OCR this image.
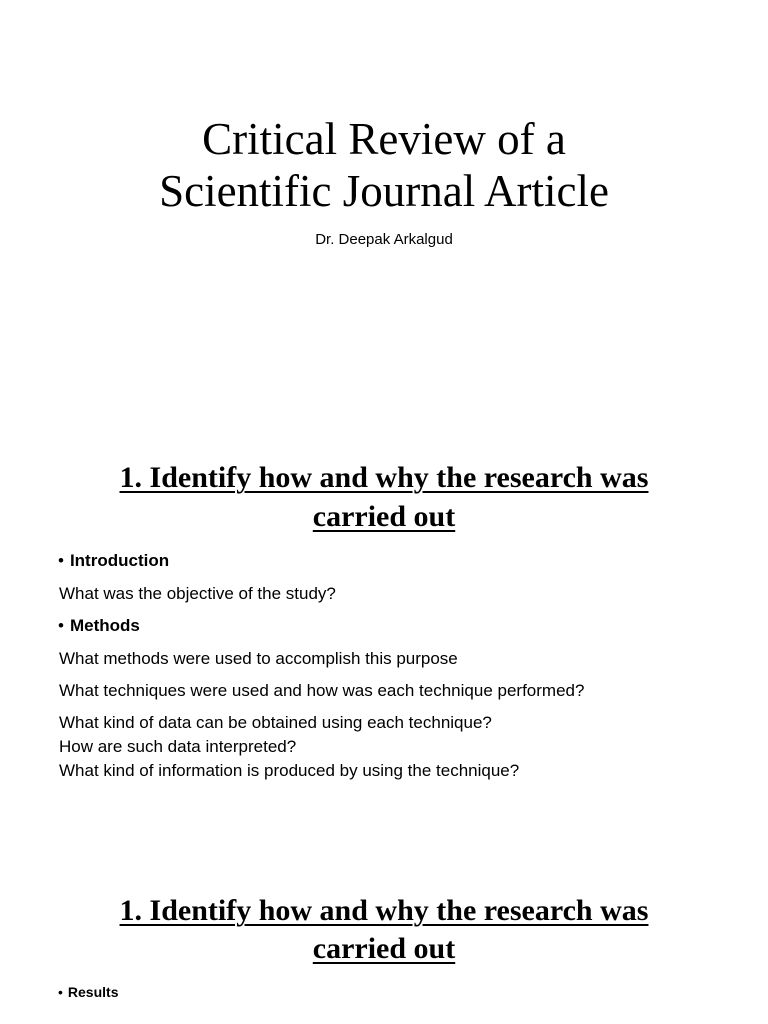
Critical Review of a
Scientific Journal Article
Dr. Deepak Arkalgud
1. Identify how and why the research was
carried out
• Introduction
What was the objective of the study?
• Methods
What methods were used to accomplish this purpose
What techniques were used and how was each technique performed?
What kind of data can be obtained using each technique?
How are such data interpreted?
What kind of information is produced by using the technique?
1. Identify how and why the research was
carried out
• Results
